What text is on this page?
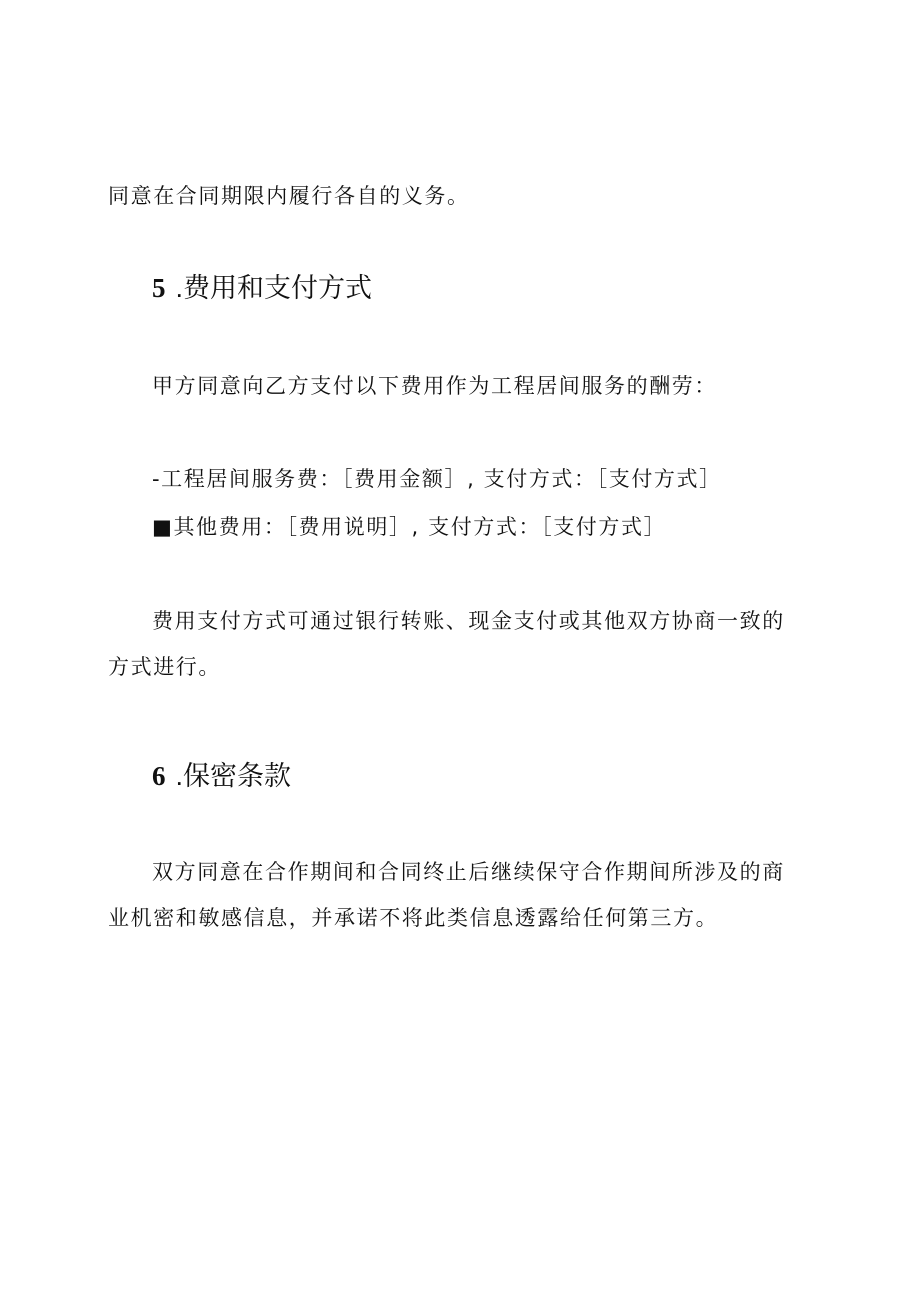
同意在合同期限内履行各自的义务。
5 .费用和支付方式
甲方同意向乙方支付以下费用作为工程居间服务的酬劳：
-工程居间服务费：［费用金额］, 支付方式：［支付方式］
■其他费用：［费用说明］, 支付方式：［支付方式］
费用支付方式可通过银行转账、现金支付或其他双方协商一致的
方式进行。
6 .保密条款
双方同意在合作期间和合同终止后继续保守合作期间所涉及的商
业机密和敏感信息，并承诺不将此类信息透露给任何第三方。
